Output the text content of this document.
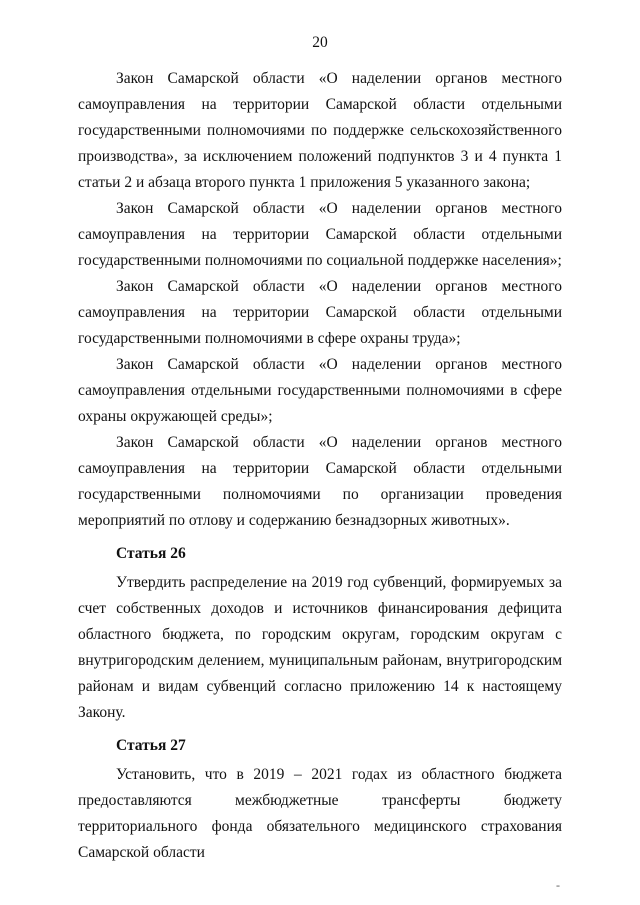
20

Закон Самарской области «О наделении органов местного самоуправления на территории Самарской области отдельными государственными полномочиями по поддержке сельскохозяйственного производства», за исключением положений подпунктов 3 и 4 пункта 1 статьи 2 и абзаца второго пункта 1 приложения 5 указанного закона;

Закон Самарской области «О наделении органов местного самоуправления на территории Самарской области отдельными государственными полномочиями по социальной поддержке населения»;

Закон Самарской области «О наделении органов местного самоуправления на территории Самарской области отдельными государственными полномочиями в сфере охраны труда»;

Закон Самарской области «О наделении органов местного самоуправления отдельными государственными полномочиями в сфере охраны окружающей среды»;

Закон Самарской области «О наделении органов местного самоуправления на территории Самарской области отдельными государственными полномочиями по организации проведения мероприятий по отлову и содержанию безнадзорных животных».

Статья 26

Утвердить распределение на 2019 год субвенций, формируемых за счет собственных доходов и источников финансирования дефицита областного бюджета, по городским округам, городским округам с внутригородским делением, муниципальным районам, внутригородским районам и видам субвенций согласно приложению 14 к настоящему Закону.

Статья 27

Установить, что в 2019 – 2021 годах из областного бюджета предоставляются межбюджетные трансферты бюджету территориального фонда обязательного медицинского страхования Самарской области

-
